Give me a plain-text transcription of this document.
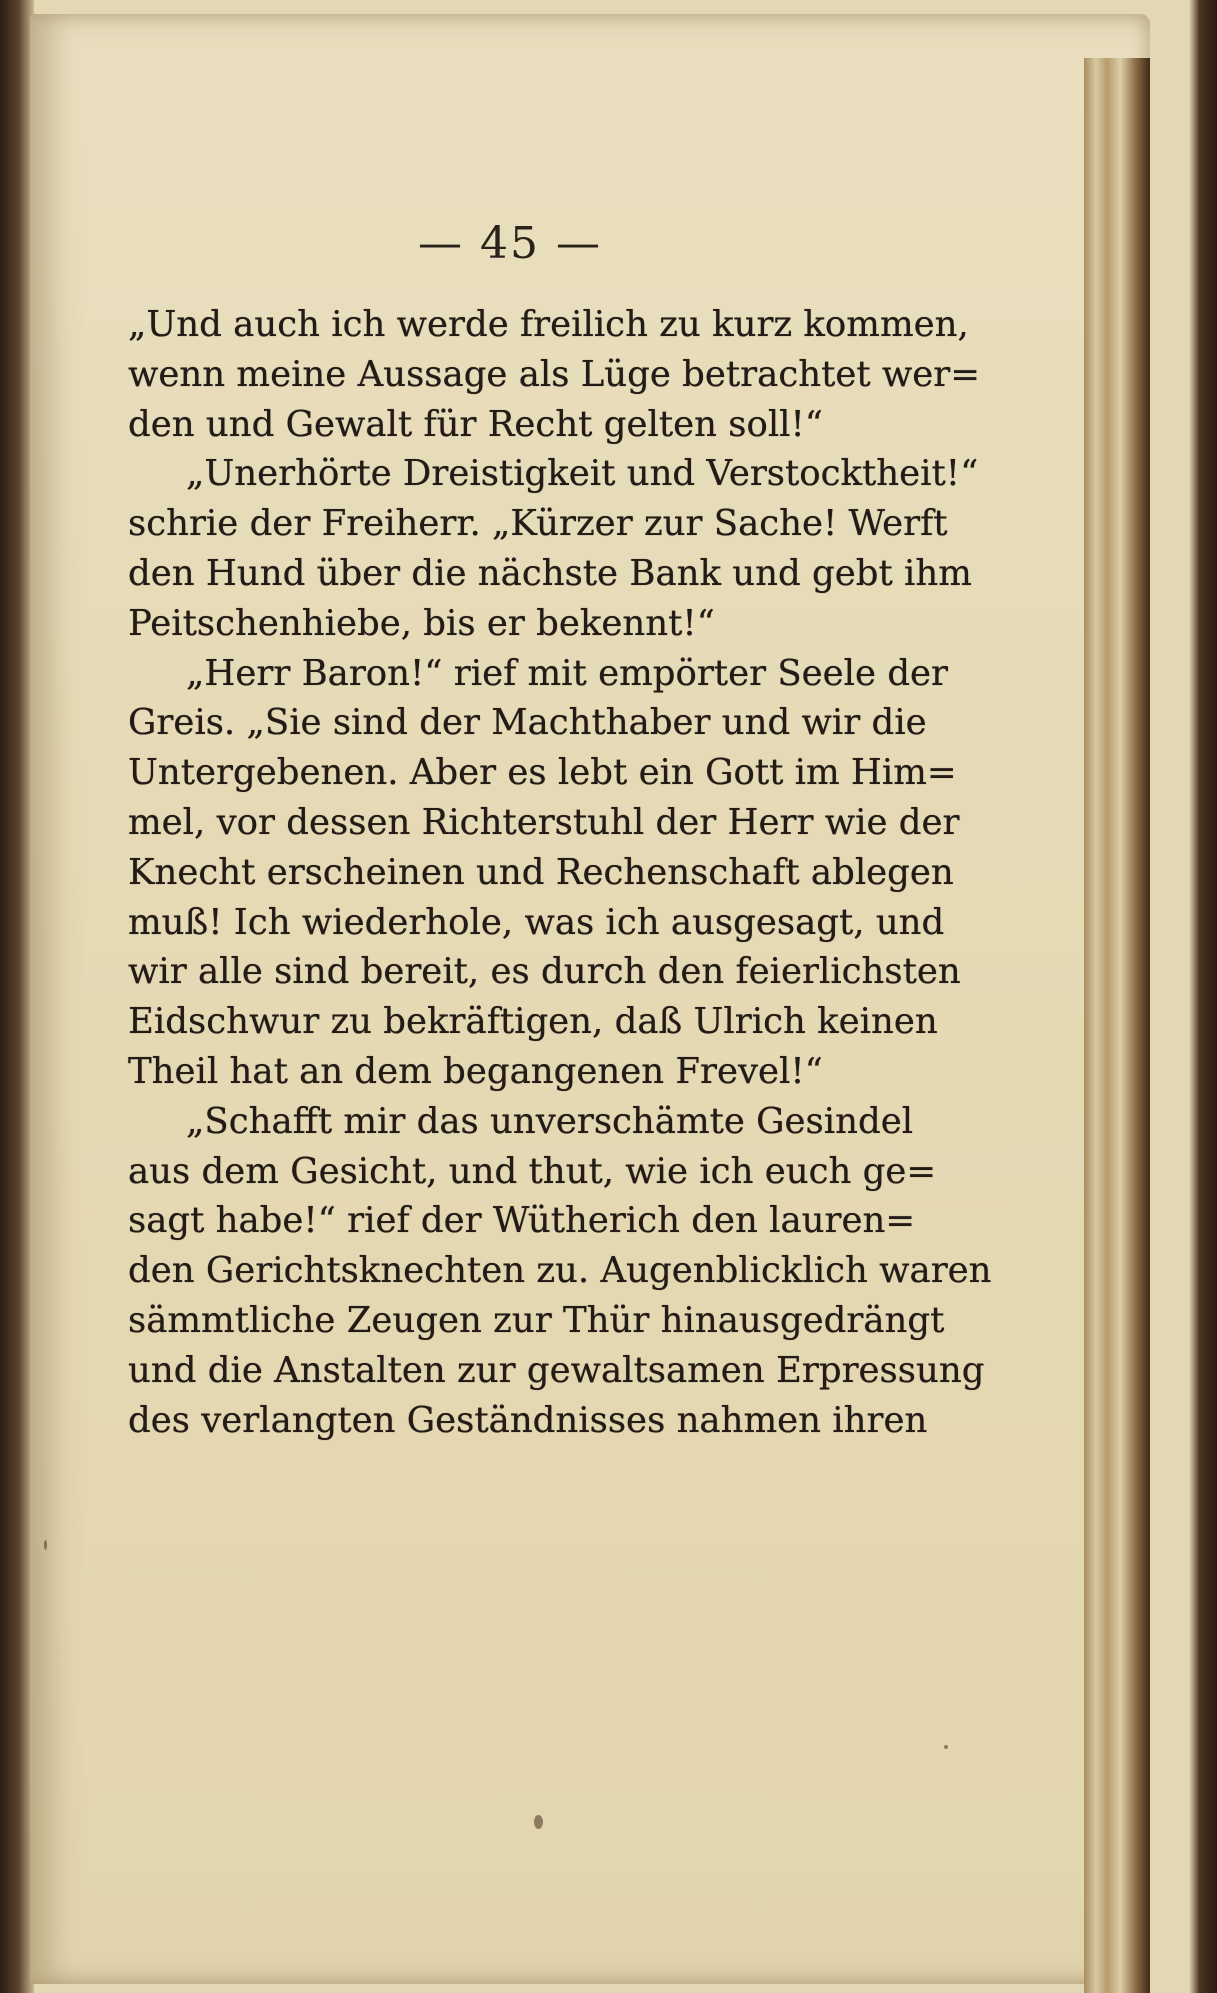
— 45 —
„Und auch ich werde freilich zu kurz kommen,
wenn meine Aussage als Lüge betrachtet wer=
den und Gewalt für Recht gelten soll!“
„Unerhörte Dreistigkeit und Verstocktheit!“
schrie der Freiherr. „Kürzer zur Sache! Werft
den Hund über die nächste Bank und gebt ihm
Peitschenhiebe, bis er bekennt!“
„Herr Baron!“ rief mit empörter Seele der
Greis. „Sie sind der Machthaber und wir die
Untergebenen. Aber es lebt ein Gott im Him=
mel, vor dessen Richterstuhl der Herr wie der
Knecht erscheinen und Rechenschaft ablegen
muß! Ich wiederhole, was ich ausgesagt, und
wir alle sind bereit, es durch den feierlichsten
Eidschwur zu bekräftigen, daß Ulrich keinen
Theil hat an dem begangenen Frevel!“
„Schafft mir das unverschämte Gesindel
aus dem Gesicht, und thut, wie ich euch ge=
sagt habe!“ rief der Wütherich den lauren=
den Gerichtsknechten zu. Augenblicklich waren
sämmtliche Zeugen zur Thür hinausgedrängt
und die Anstalten zur gewaltsamen Erpressung
des verlangten Geständnisses nahmen ihren
